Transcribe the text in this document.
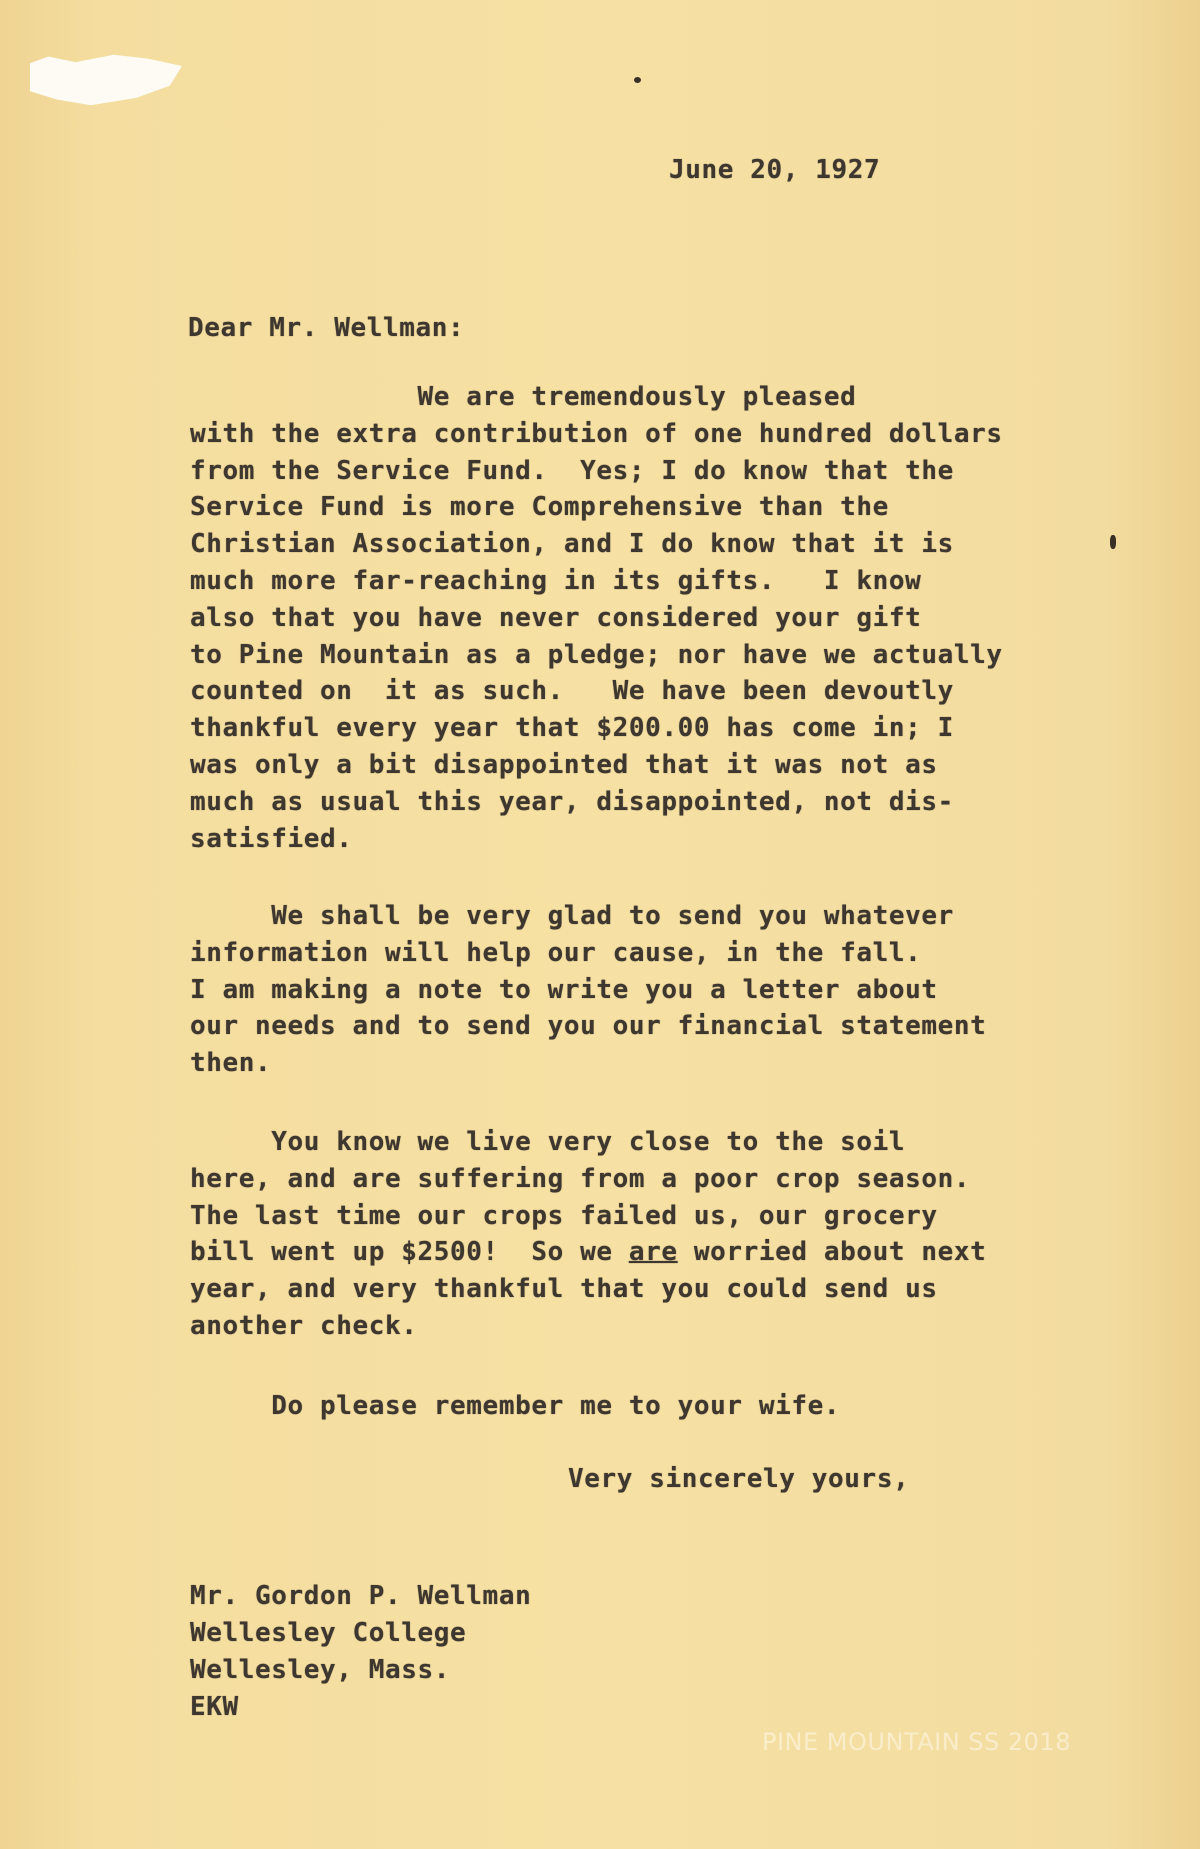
June 20, 1927

Dear Mr. Wellman:

We are tremendously pleased
with the extra contribution of one hundred dollars
from the Service Fund.  Yes; I do know that the
Service Fund is more Comprehensive than the
Christian Association, and I do know that it is
much more far-reaching in its gifts.   I know
also that you have never considered your gift
to Pine Mountain as a pledge; nor have we actually
counted on  it as such.   We have been devoutly
thankful every year that $200.00 has come in; I
was only a bit disappointed that it was not as
much as usual this year, disappointed, not dis-
satisfied.
We shall be very glad to send you whatever
information will help our cause, in the fall.
I am making a note to write you a letter about
our needs and to send you our financial statement
then.
You know we live very close to the soil
here, and are suffering from a poor crop season.
The last time our crops failed us, our grocery
bill went up $2500!  So we are worried about next
year, and very thankful that you could send us
another check.

Do please remember me to your wife.

Very sincerely yours,

Mr. Gordon P. Wellman
Wellesley College
Wellesley, Mass.
EKW
PINE MOUNTAIN SS 2018
